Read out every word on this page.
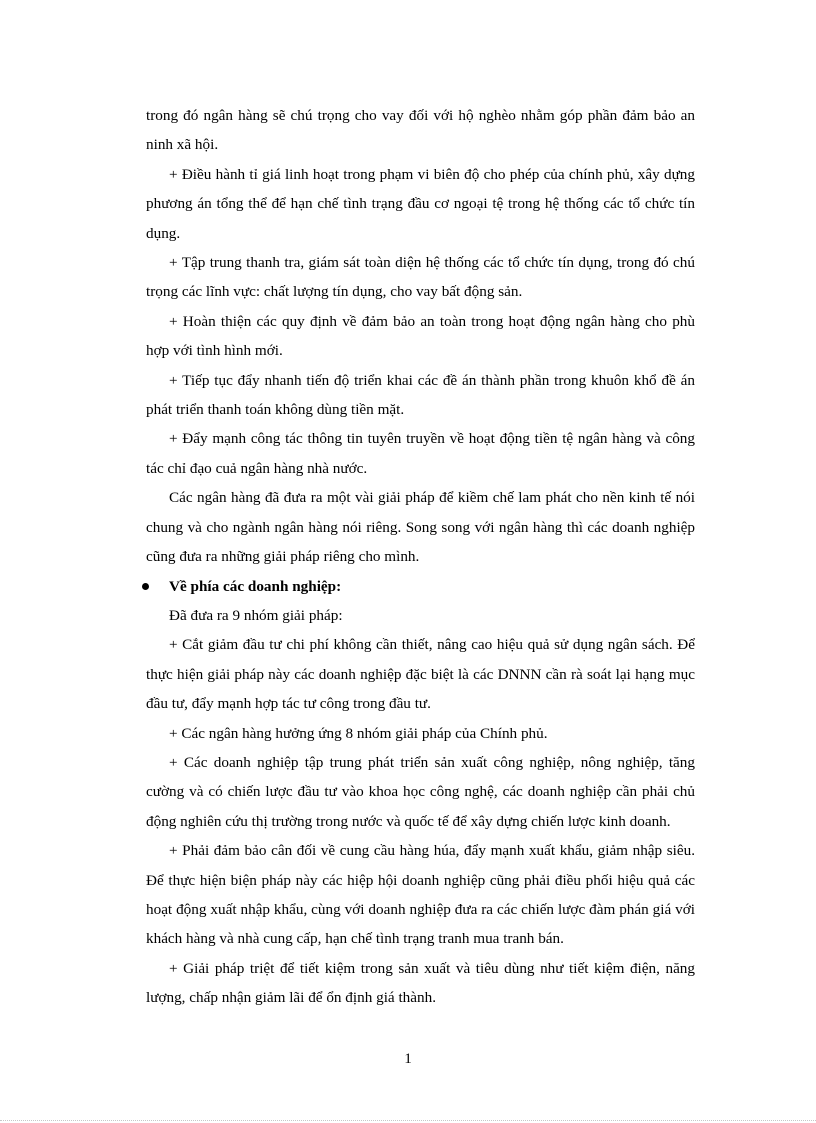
trong đó ngân hàng sẽ chú trọng cho vay đối với hộ nghèo nhằm góp phần đảm bảo an ninh xã hội.

+ Điều hành tỉ giá linh hoạt trong phạm vi biên độ cho phép của chính phủ, xây dựng phương án tổng thể để hạn chế tình trạng đầu cơ ngoại tệ trong hệ thống các tổ chức tín dụng.

+ Tập trung thanh tra, giám sát toàn diện hệ thống các tổ chức tín dụng, trong đó chú trọng các lĩnh vực: chất lượng tín dụng, cho vay bất động sản.

+ Hoàn thiện các quy định về đảm bảo an toàn trong hoạt động ngân hàng cho phù hợp với tình hình mới.

+ Tiếp tục đẩy nhanh tiến độ triển khai các đề án thành phần trong khuôn khổ đề án phát triển thanh toán không dùng tiền mặt.

+ Đẩy mạnh công tác thông tin tuyên truyền về hoạt động tiền tệ ngân hàng và công tác chỉ đạo cuả ngân hàng nhà nước.

Các ngân hàng đã đưa ra một vài giải pháp để kiềm chế lam phát cho nền kinh tế nói chung và cho ngành ngân hàng nói riêng. Song song với ngân hàng thì các doanh nghiệp cũng đưa ra những giải pháp riêng cho mình.

Về phía các doanh nghiệp:

Đã đưa ra 9 nhóm giải pháp:

+ Cắt giảm đầu tư chi phí không cần thiết, nâng cao hiệu quả sử dụng ngân sách. Để thực hiện giải pháp này các doanh nghiệp đặc biệt là các DNNN cần rà soát lại hạng mục đầu tư, đẩy mạnh hợp tác tư công trong đầu tư.

+ Các ngân hàng hưởng ứng 8 nhóm giải pháp của Chính phủ.

+ Các doanh nghiệp tập trung phát triển sản xuất công nghiệp, nông nghiệp, tăng cường và có chiến lược đầu tư vào khoa học công nghệ, các doanh nghiệp cần phải chủ động nghiên cứu thị trường trong nước và quốc tế để xây dựng chiến lược kinh doanh.

+ Phải đảm bảo cân đối về cung cầu hàng húa, đẩy mạnh xuất khẩu, giảm nhập siêu. Để thực hiện biện pháp này các hiệp hội doanh nghiệp cũng phải điều phối hiệu quả các hoạt động xuất nhập khẩu, cùng với doanh nghiệp đưa ra các chiến lược đàm phán giá với khách hàng và nhà cung cấp, hạn chế tình trạng tranh mua tranh bán.

+ Giải pháp triệt để tiết kiệm trong sản xuất và tiêu dùng như tiết kiệm điện, năng lượng, chấp nhận giảm lãi để ổn định giá thành.

1
